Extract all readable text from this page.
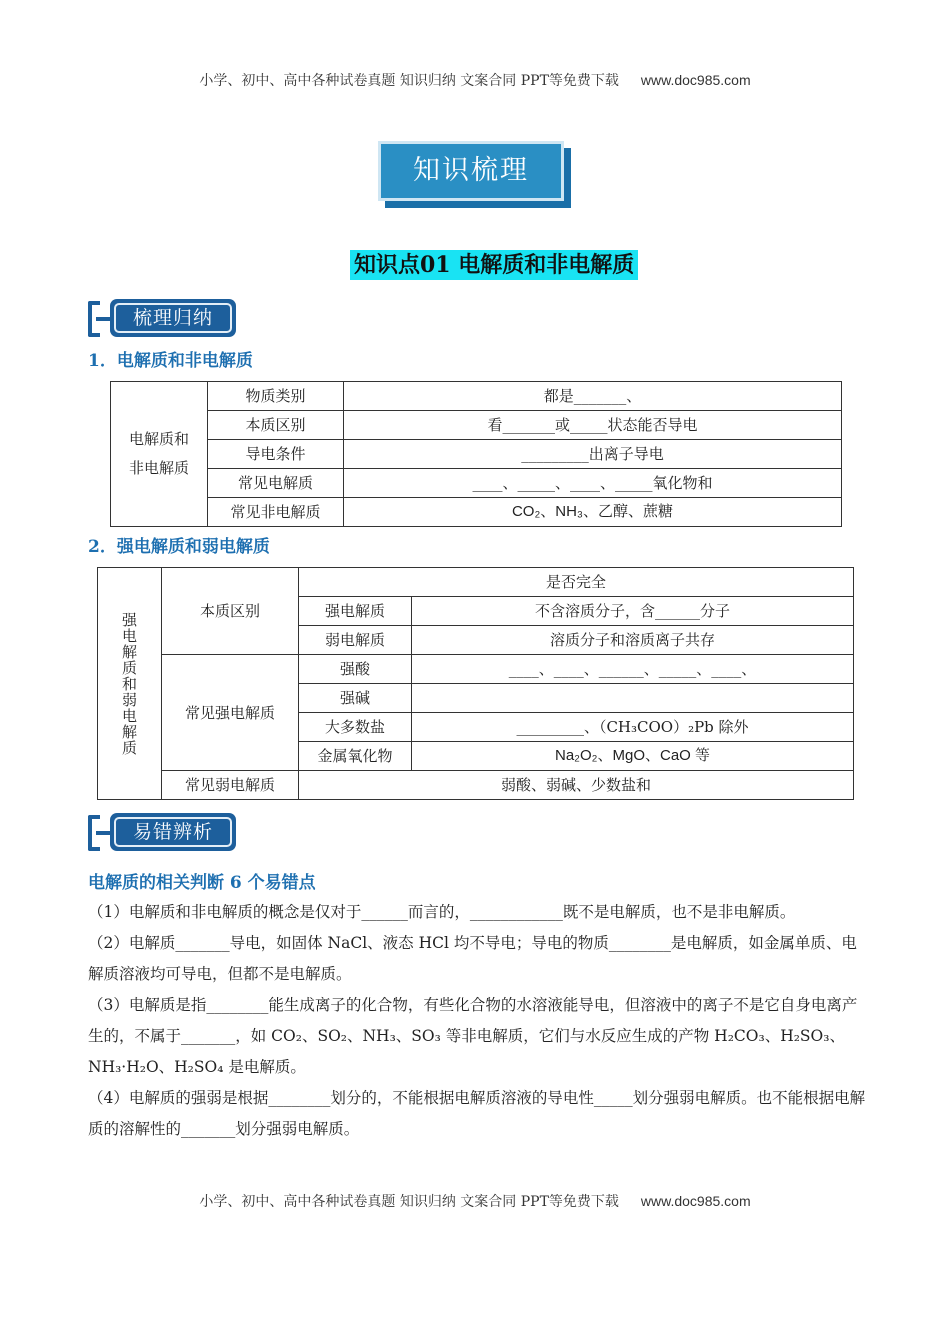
小学、初中、高中各种试卷真题 知识归纳 文案合同 PPT等免费下载 www.doc985.com
知识梳理
知识点01 电解质和非电解质
梳理归纳
1．电解质和非电解质
电解质和非电解质	物质类别	都是_______、
	本质区别	看_______或_____状态能否导电
	导电条件	_________出离子导电
	常见电解质	____、_____、____、_____氧化物和
	常见非电解质	CO₂、NH₃、乙醇、蔗糖
2．强电解质和弱电解质
强电解质和弱电解质	本质区别	是否完全	
		强电解质	不含溶质分子，含______分子
		弱电解质	溶质分子和溶质离子共存
	常见强电解质	强酸	____、____、______、_____、____、
		强碱	
		大多数盐	_________、（CH₃COO）₂Pb 除外
		金属氧化物	Na₂O₂、MgO、CaO 等
	常见弱电解质	弱酸、弱碱、少数盐和	
易错辨析
电解质的相关判断 6 个易错点

（1）电解质和非电解质的概念是仅对于______而言的，____________既不是电解质，也不是非电解质。

（2）电解质_______导电，如固体 NaCl、液态 HCl 均不导电；导电的物质________是电解质，如金属单质、电解质溶液均可导电，但都不是电解质。

（3）电解质是指________能生成离子的化合物，有些化合物的水溶液能导电，但溶液中的离子不是它自身电离产生的，不属于_______，如 CO₂、SO₂、NH₃、SO₃ 等非电解质，它们与水反应生成的产物 H₂CO₃、H₂SO₃、NH₃·H₂O、H₂SO₄ 是电解质。

（4）电解质的强弱是根据________划分的，不能根据电解质溶液的导电性_____划分强弱电解质。也不能根据电解质的溶解性的_______划分强弱电解质。

小学、初中、高中各种试卷真题 知识归纳 文案合同 PPT等免费下载 www.doc985.com
